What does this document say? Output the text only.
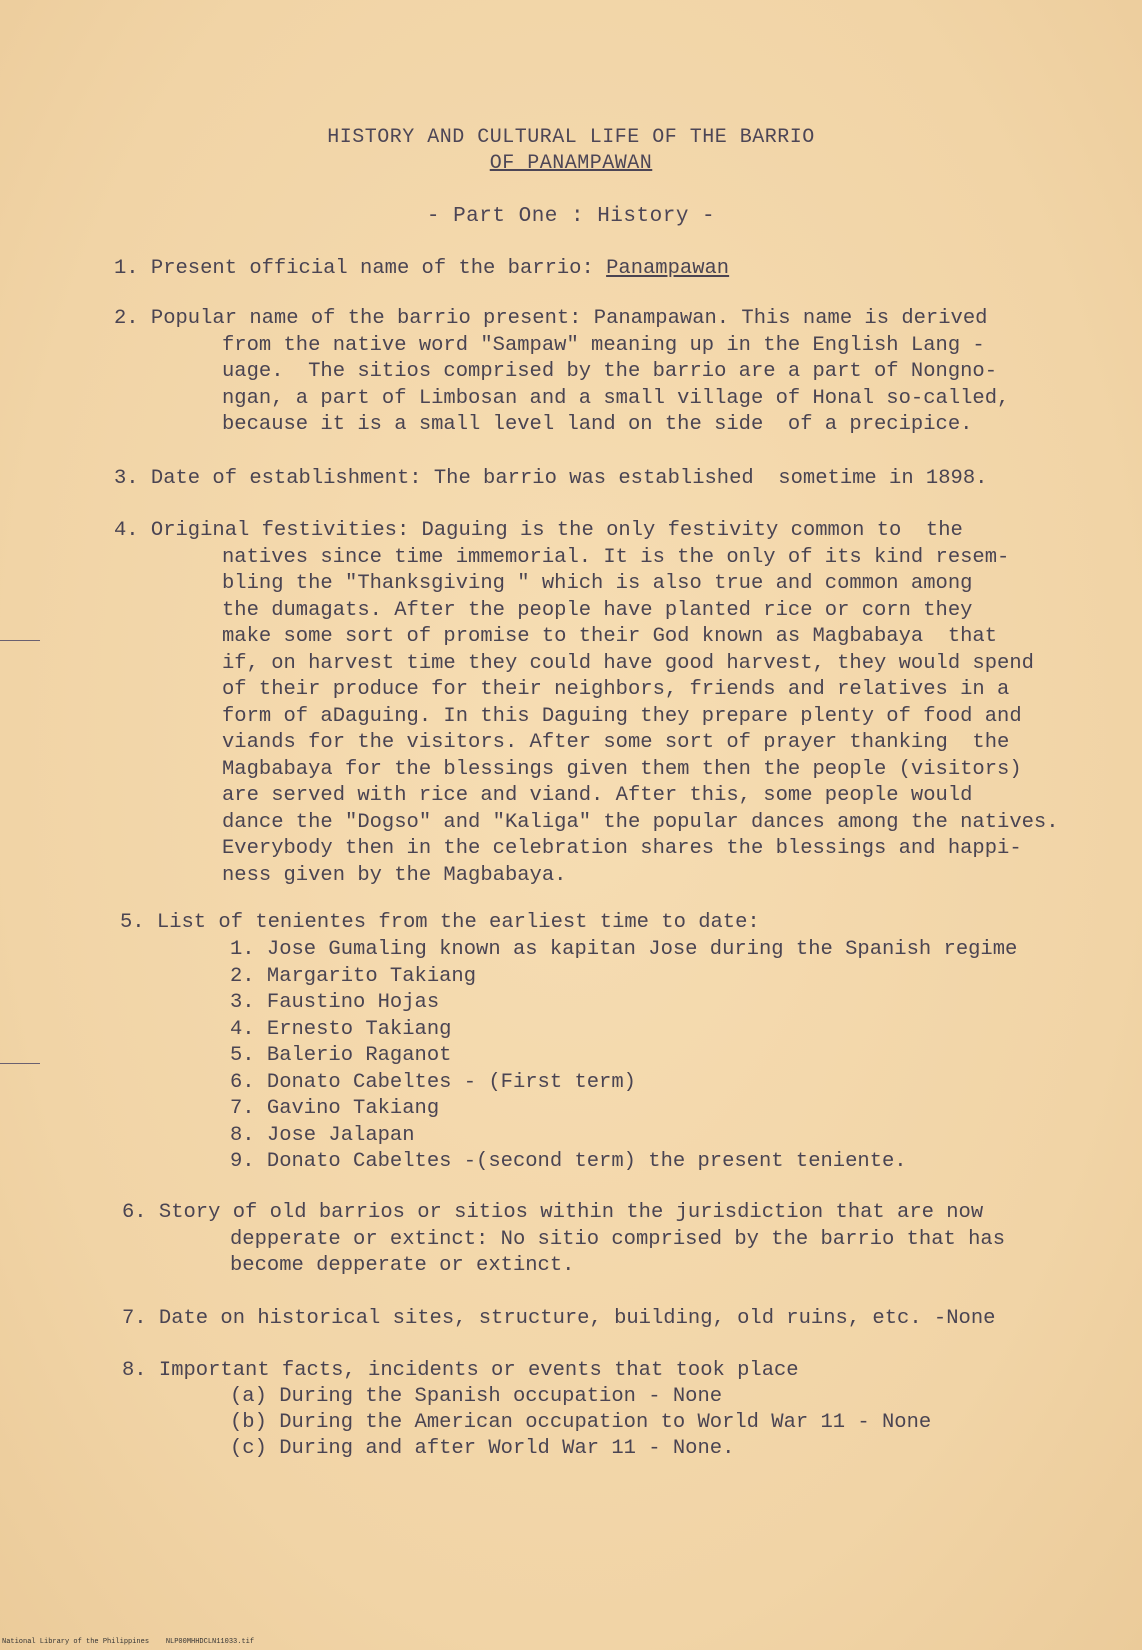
HISTORY AND CULTURAL LIFE OF THE BARRIO
OF PANAMPAWAN
- Part One : History -
1. Present official name of the barrio: Panampawan
2. Popular name of the barrio present: Panampawan. This name is derived

from the native word "Sampaw" meaning up in the English Lang -
uage.  The sitios comprised by the barrio are a part of Nongno-
ngan, a part of Limbosan and a small village of Honal so-called,
because it is a small level land on the side  of a precipice.
3. Date of establishment: The barrio was established  sometime in 1898.
4. Original festivities: Daguing is the only festivity common to  the

natives since time immemorial. It is the only of its kind resem-
bling the "Thanksgiving " which is also true and common among
the dumagats. After the people have planted rice or corn they
make some sort of promise to their God known as Magbabaya  that
if, on harvest time they could have good harvest, they would spend
of their produce for their neighbors, friends and relatives in a
form of aDaguing. In this Daguing they prepare plenty of food and
viands for the visitors. After some sort of prayer thanking  the
Magbabaya for the blessings given them then the people (visitors)
are served with rice and viand. After this, some people would
dance the "Dogso" and "Kaliga" the popular dances among the natives.
Everybody then in the celebration shares the blessings and happi-
ness given by the Magbabaya.
5. List of tenientes from the earliest time to date:
1. Jose Gumaling known as kapitan Jose during the Spanish regime
2. Margarito Takiang
3. Faustino Hojas
4. Ernesto Takiang
5. Balerio Raganot
6. Donato Cabeltes - (First term)
7. Gavino Takiang
8. Jose Jalapan
9. Donato Cabeltes -(second term) the present teniente.
6. Story of old barrios or sitios within the jurisdiction that are now

depperate or extinct: No sitio comprised by the barrio that has
become depperate or extinct.
7. Date on historical sites, structure, building, old ruins, etc. -None
8. Important facts, incidents or events that took place
(a) During the Spanish occupation - None
(b) During the American occupation to World War 11 - None
(c) During and after World War 11 - None.
National Library of the Philippines    NLP00MHHDCLN11033.tif
